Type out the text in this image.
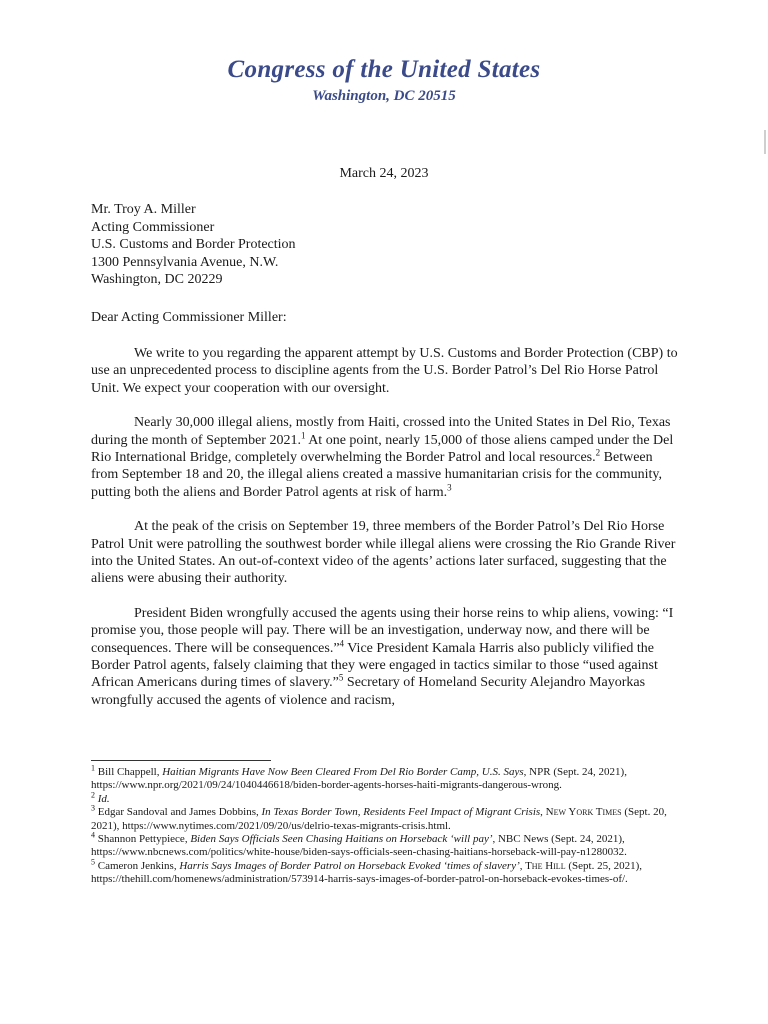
Congress of the United States
Washington, DC 20515
March 24, 2023
Mr. Troy A. Miller
Acting Commissioner
U.S. Customs and Border Protection
1300 Pennsylvania Avenue, N.W.
Washington, DC 20229
Dear Acting Commissioner Miller:

We write to you regarding the apparent attempt by U.S. Customs and Border Protection (CBP) to use an unprecedented process to discipline agents from the U.S. Border Patrol’s Del Rio Horse Patrol Unit. We expect your cooperation with our oversight.

Nearly 30,000 illegal aliens, mostly from Haiti, crossed into the United States in Del Rio, Texas during the month of September 2021.$^1$ At one point, nearly 15,000 of those aliens camped under the Del Rio International Bridge, completely overwhelming the Border Patrol and local resources.$^2$ Between from September 18 and 20, the illegal aliens created a massive humanitarian crisis for the community, putting both the aliens and Border Patrol agents at risk of harm.$^3$

At the peak of the crisis on September 19, three members of the Border Patrol’s Del Rio Horse Patrol Unit were patrolling the southwest border while illegal aliens were crossing the Rio Grande River into the United States. An out-of-context video of the agents’ actions later surfaced, suggesting that the aliens were abusing their authority.

President Biden wrongfully accused the agents using their horse reins to whip aliens, vowing: “I promise you, those people will pay. There will be an investigation, underway now, and there will be consequences. There will be consequences.”$^4$ Vice President Kamala Harris also publicly vilified the Border Patrol agents, falsely claiming that they were engaged in tactics similar to those “used against African Americans during times of slavery.”$^5$ Secretary of Homeland Security Alejandro Mayorkas wrongfully accused the agents of violence and racism,

$^1$ Bill Chappell, Haitian Migrants Have Now Been Cleared From Del Rio Border Camp, U.S. Says, NPR (Sept. 24, 2021), https://www.npr.org/2021/09/24/1040446618/biden-border-agents-horses-haiti-migrants-dangerous-wrong.

$^2$ Id.

$^3$ Edgar Sandoval and James Dobbins, In Texas Border Town, Residents Feel Impact of Migrant Crisis, New York Times (Sept. 20, 2021), https://www.nytimes.com/2021/09/20/us/delrio-texas-migrants-crisis.html.

$^4$ Shannon Pettypiece, Biden Says Officials Seen Chasing Haitians on Horseback ‘will pay’, NBC News (Sept. 24, 2021), https://www.nbcnews.com/politics/white-house/biden-says-officials-seen-chasing-haitians-horseback-will-pay-n1280032.

$^5$ Cameron Jenkins, Harris Says Images of Border Patrol on Horseback Evoked ‘times of slavery’, The Hill (Sept. 25, 2021), https://thehill.com/homenews/administration/573914-harris-says-images-of-border-patrol-on-horseback-evokes-times-of/.
